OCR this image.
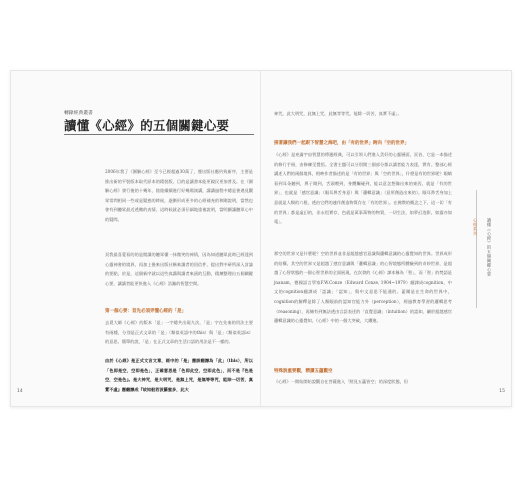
轉錄經典叢書
讀懂《心經》的五個關鍵心要
2006年我了《圓解心經》至今已經超過30萬了，歷出版社應約致新序，主要是推出新的平裝版本取代原本的精裝版，目的是讓書本能更親民更加普及。在《圓解心經》發行後的十幾年，陸陸續續進行好幾場演講，講講過程中總是會遇見觀眾常問相同一些或是疑惑的時候，逐漸形成更多的心經補充的和剛說明，當然也會有到聽眾最近透徹的表情，這時候就必須仔細地重複說明，當明顯讓聽眾心中的疑問。
頁我最喜愛看的的是閱讀的聽眾懂一抹微笑的神情，因為知道聽眾此時已經達到心靈神會的境界，再加上後來出版社稱來讀者的回信件，提出對中研所深入討論的要點，於是，這個新序就以這些真講與讀者來函的互動，精煉整理出五個關鍵心要，讓讀者能更快進入《心經》浩瀚的智慧空間。
第一個心要：首先必須弄懂心經的「是」
去覓大師《心經》的版本「是」一字總共出現九次，「是」字在先秦的用法主要有兩種，分別是正式文章的「是」（類似英語中的this）與「是」（類似英語is）的意思。簡單的說，「是」在正式文章的生活口語的用法是不一樣的。
由於《心經》是正式文言文章，經中的「是」應該翻譯為「此」（this），所以「色即是空，空即是色」，正確意思是「色即此空，空即此色」，而不是『色是空，空是色』。是大神咒，是大明咒，是無上咒，是無等等咒，能除一切苦，真實不虛』應翻譯成『故知般若波羅蜜多，此大
14
神咒，此大明咒，此無上咒，此無等等咒，能除一切苦，真實不虛」。
接著讓我們一起跟下智慧之海吧，由「有的世界」跨向「空的世界」
《心經》是充滿宇宙智慧的傳遞經典，可以引領人們進入美好的心靈層面，頁首，它是一本描述的修行手冊，由修練至覺悟。全書主題可以分別開三個部分都以讀者能力表達，實有。整部心經講述人們的兩個境界，相映作者描述的是「有的世界」與「空的世界」，什麼是有的世界呢？眼睛看到耳朵聽到，鼻子聞到，舌頭嚐到，身體觸碰到，能以意念想像出來的東西，就是「有的世界」，也就是「感官意識」（眼耳鼻舌身意）與「邏輯意識」（意所創造出來的）。眼耳鼻舌身加上意就是人類的六根，透由它們的連作創造物質存在「有的世界」。在佛教的概念之下，這一切「有的世界」都是虛幻的，非永恆實存，色就是萬事萬物的物質，一切生法，如夢幻泡影，如露亦如電」。
那空的世界又是什麼呢？空的世界並非是超越感官意識與邏輯意識的心靈覺知的世界。世界成形的結構，其空的世界又是超越了感官意識與「邏輯意識」的心智境態所體驗到的奇妙世界，是超越了心智狀態的一個心智世界的全面展現，在次發的《心經》譯本稱為「智」，而「智」的梵語是jnanam，德國語言學家F.W.Conze（Edward Conze, 1904~1979）翻譯成cognition，中文的cognition翻譯成「認識」「認知」，與中文意思不能通的。蓋爾是在生命的世界中，cognition的解釋是除了人類眼前的認知官能力外（perception），經過教育學習的邏輯思考（reasoning），再擁有到無法透由言語表述的「直覺意識」（intuition）的認知，屬於超越感官邏輯意識的心靈覺知，《心經》中的一個大突破，大躍進。
特殊說重要觀，精讀五蘊觀空
《心經》一開始開始說觀自在菩薩進入「照見五蘊皆空」的深度狀態，但
15
心經系列	讀懂《心經》的五個關鍵心要
